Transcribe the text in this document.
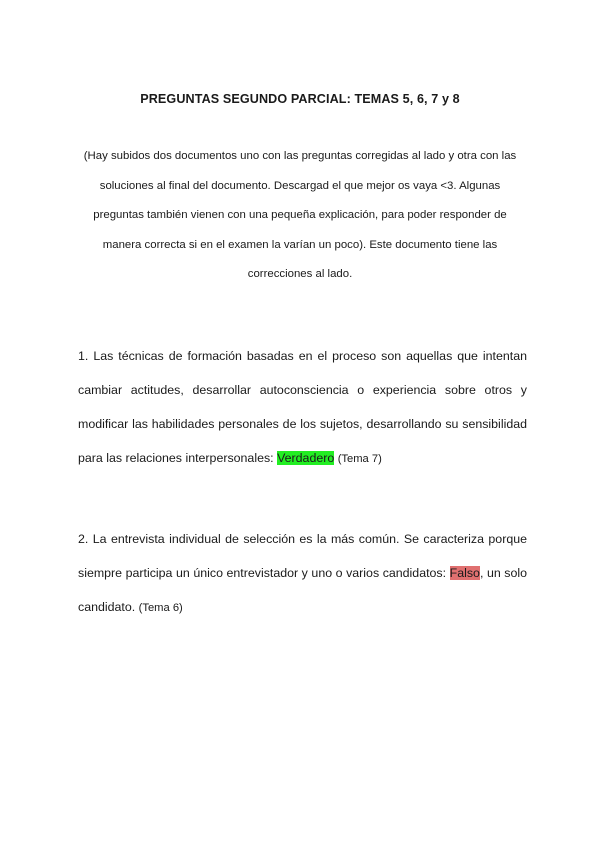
PREGUNTAS SEGUNDO PARCIAL: TEMAS 5, 6, 7 y 8
(Hay subidos dos documentos uno con las preguntas corregidas al lado y otra con las soluciones al final del documento. Descargad el que mejor os vaya <3. Algunas preguntas también vienen con una pequeña explicación, para poder responder de manera correcta si en el examen la varían un poco). Este documento tiene las correcciones al lado.
1. Las técnicas de formación basadas en el proceso son aquellas que intentan cambiar actitudes, desarrollar autoconsciencia o experiencia sobre otros y modificar las habilidades personales de los sujetos, desarrollando su sensibilidad para las relaciones interpersonales: Verdadero (Tema 7)
2. La entrevista individual de selección es la más común. Se caracteriza porque siempre participa un único entrevistador y uno o varios candidatos: Falso, un solo candidato. (Tema 6)
